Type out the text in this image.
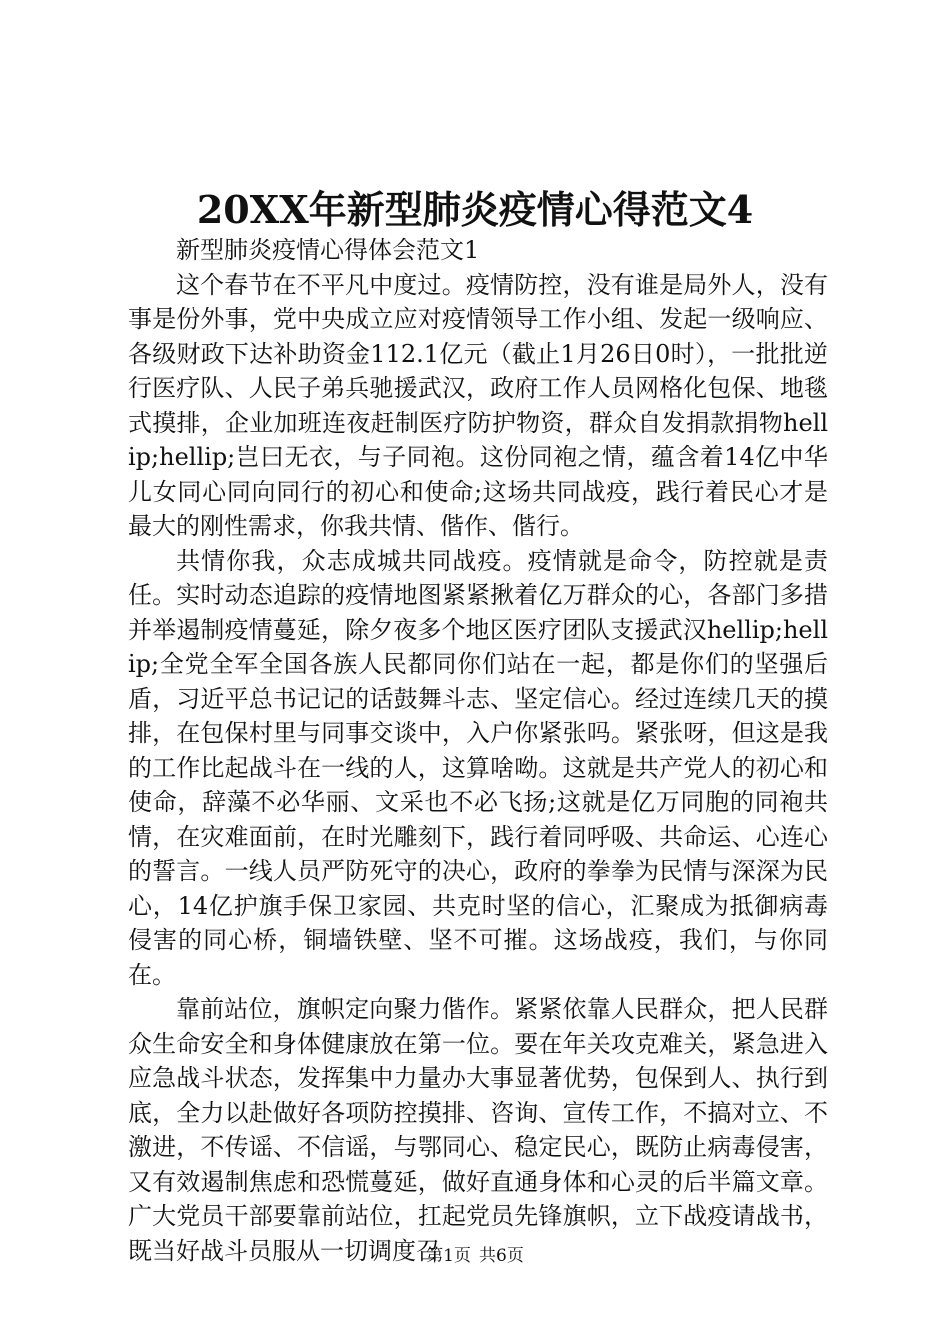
20XX年新型肺炎疫情心得范文4

新型肺炎疫情心得体会范文1

这个春节在不平凡中度过。疫情防控，没有谁是局外人，没有事是份外事，党中央成立应对疫情领导工作小组、发起一级响应、各级财政下达补助资金112.1亿元（截止1月26日0时），一批批逆行医疗队、人民子弟兵驰援武汉，政府工作人员网格化包保、地毯式摸排，企业加班连夜赶制医疗防护物资，群众自发捐款捐物hellip;hellip;岂曰无衣，与子同袍。这份同袍之情，蕴含着14亿中华儿女同心同向同行的初心和使命;这场共同战疫，践行着民心才是最大的刚性需求，你我共情、偕作、偕行。

共情你我，众志成城共同战疫。疫情就是命令，防控就是责任。实时动态追踪的疫情地图紧紧揪着亿万群众的心，各部门多措并举遏制疫情蔓延，除夕夜多个地区医疗团队支援武汉hellip;hellip;全党全军全国各族人民都同你们站在一起，都是你们的坚强后盾，习近平总书记记的话鼓舞斗志、坚定信心。经过连续几天的摸排，在包保村里与同事交谈中，入户你紧张吗。紧张呀，但这是我的工作比起战斗在一线的人，这算啥呦。这就是共产党人的初心和使命，辞藻不必华丽、文采也不必飞扬;这就是亿万同胞的同袍共情，在灾难面前，在时光雕刻下，践行着同呼吸、共命运、心连心的誓言。一线人员严防死守的决心，政府的拳拳为民情与深深为民心，14亿护旗手保卫家园、共克时坚的信心，汇聚成为抵御病毒侵害的同心桥，铜墙铁壁、坚不可摧。这场战疫，我们，与你同在。

靠前站位，旗帜定向聚力偕作。紧紧依靠人民群众，把人民群众生命安全和身体健康放在第一位。要在年关攻克难关，紧急进入应急战斗状态，发挥集中力量办大事显著优势，包保到人、执行到底，全力以赴做好各项防控摸排、咨询、宣传工作，不搞对立、不激进，不传谣、不信谣，与鄂同心、稳定民心，既防止病毒侵害，又有效遏制焦虑和恐慌蔓延，做好直通身体和心灵的后半篇文章。广大党员干部要靠前站位，扛起党员先锋旗帜，立下战疫请战书，既当好战斗员服从一切调度召

第1页 共6页
